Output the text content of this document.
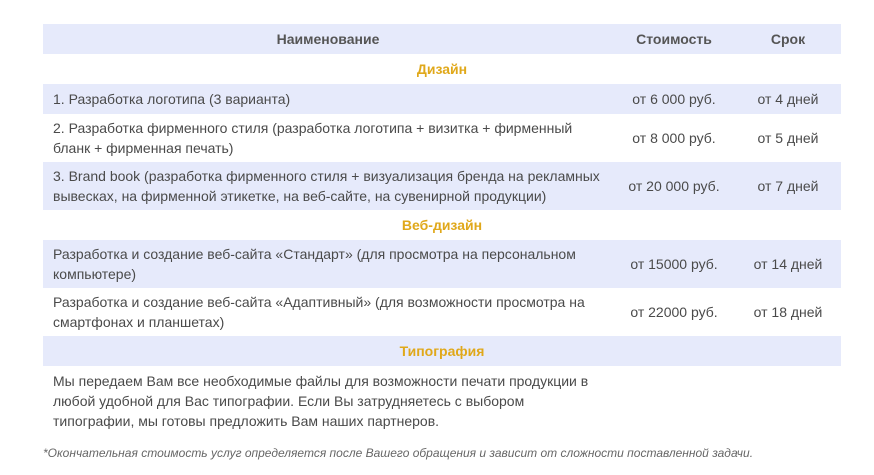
Наименование	Стоимость	Срок
Дизайн		
1. Разработка логотипа (3 варианта)	от 6 000 руб.	от 4 дней
2. Разработка фирменного стиля (разработка логотипа + визитка + фирменный бланк + фирменная печать)	от 8 000 руб.	от 5 дней
3. Brand book (разработка фирменного стиля + визуализация бренда на рекламных вывесках, на фирменной этикетке, на веб-сайте, на сувенирной продукции)	от 20 000 руб.	от 7 дней
Веб-дизайн		
Разработка и создание веб-сайта «Стандарт» (для просмотра на персональном компьютере)	от 15000 руб.	от 14 дней
Разработка и создание веб-сайта «Адаптивный» (для возможности просмотра на смартфонах и планшетах)	от 22000 руб.	от 18 дней
Типография		
Мы передаем Вам все необходимые файлы для возможности печати продукции в любой удобной для Вас типографии. Если Вы затрудняетесь с выбором типографии, мы готовы предложить Вам наших партнеров.		
*Окончательная стоимость услуг определяется после Вашего обращения и зависит от сложности поставленной задачи.
